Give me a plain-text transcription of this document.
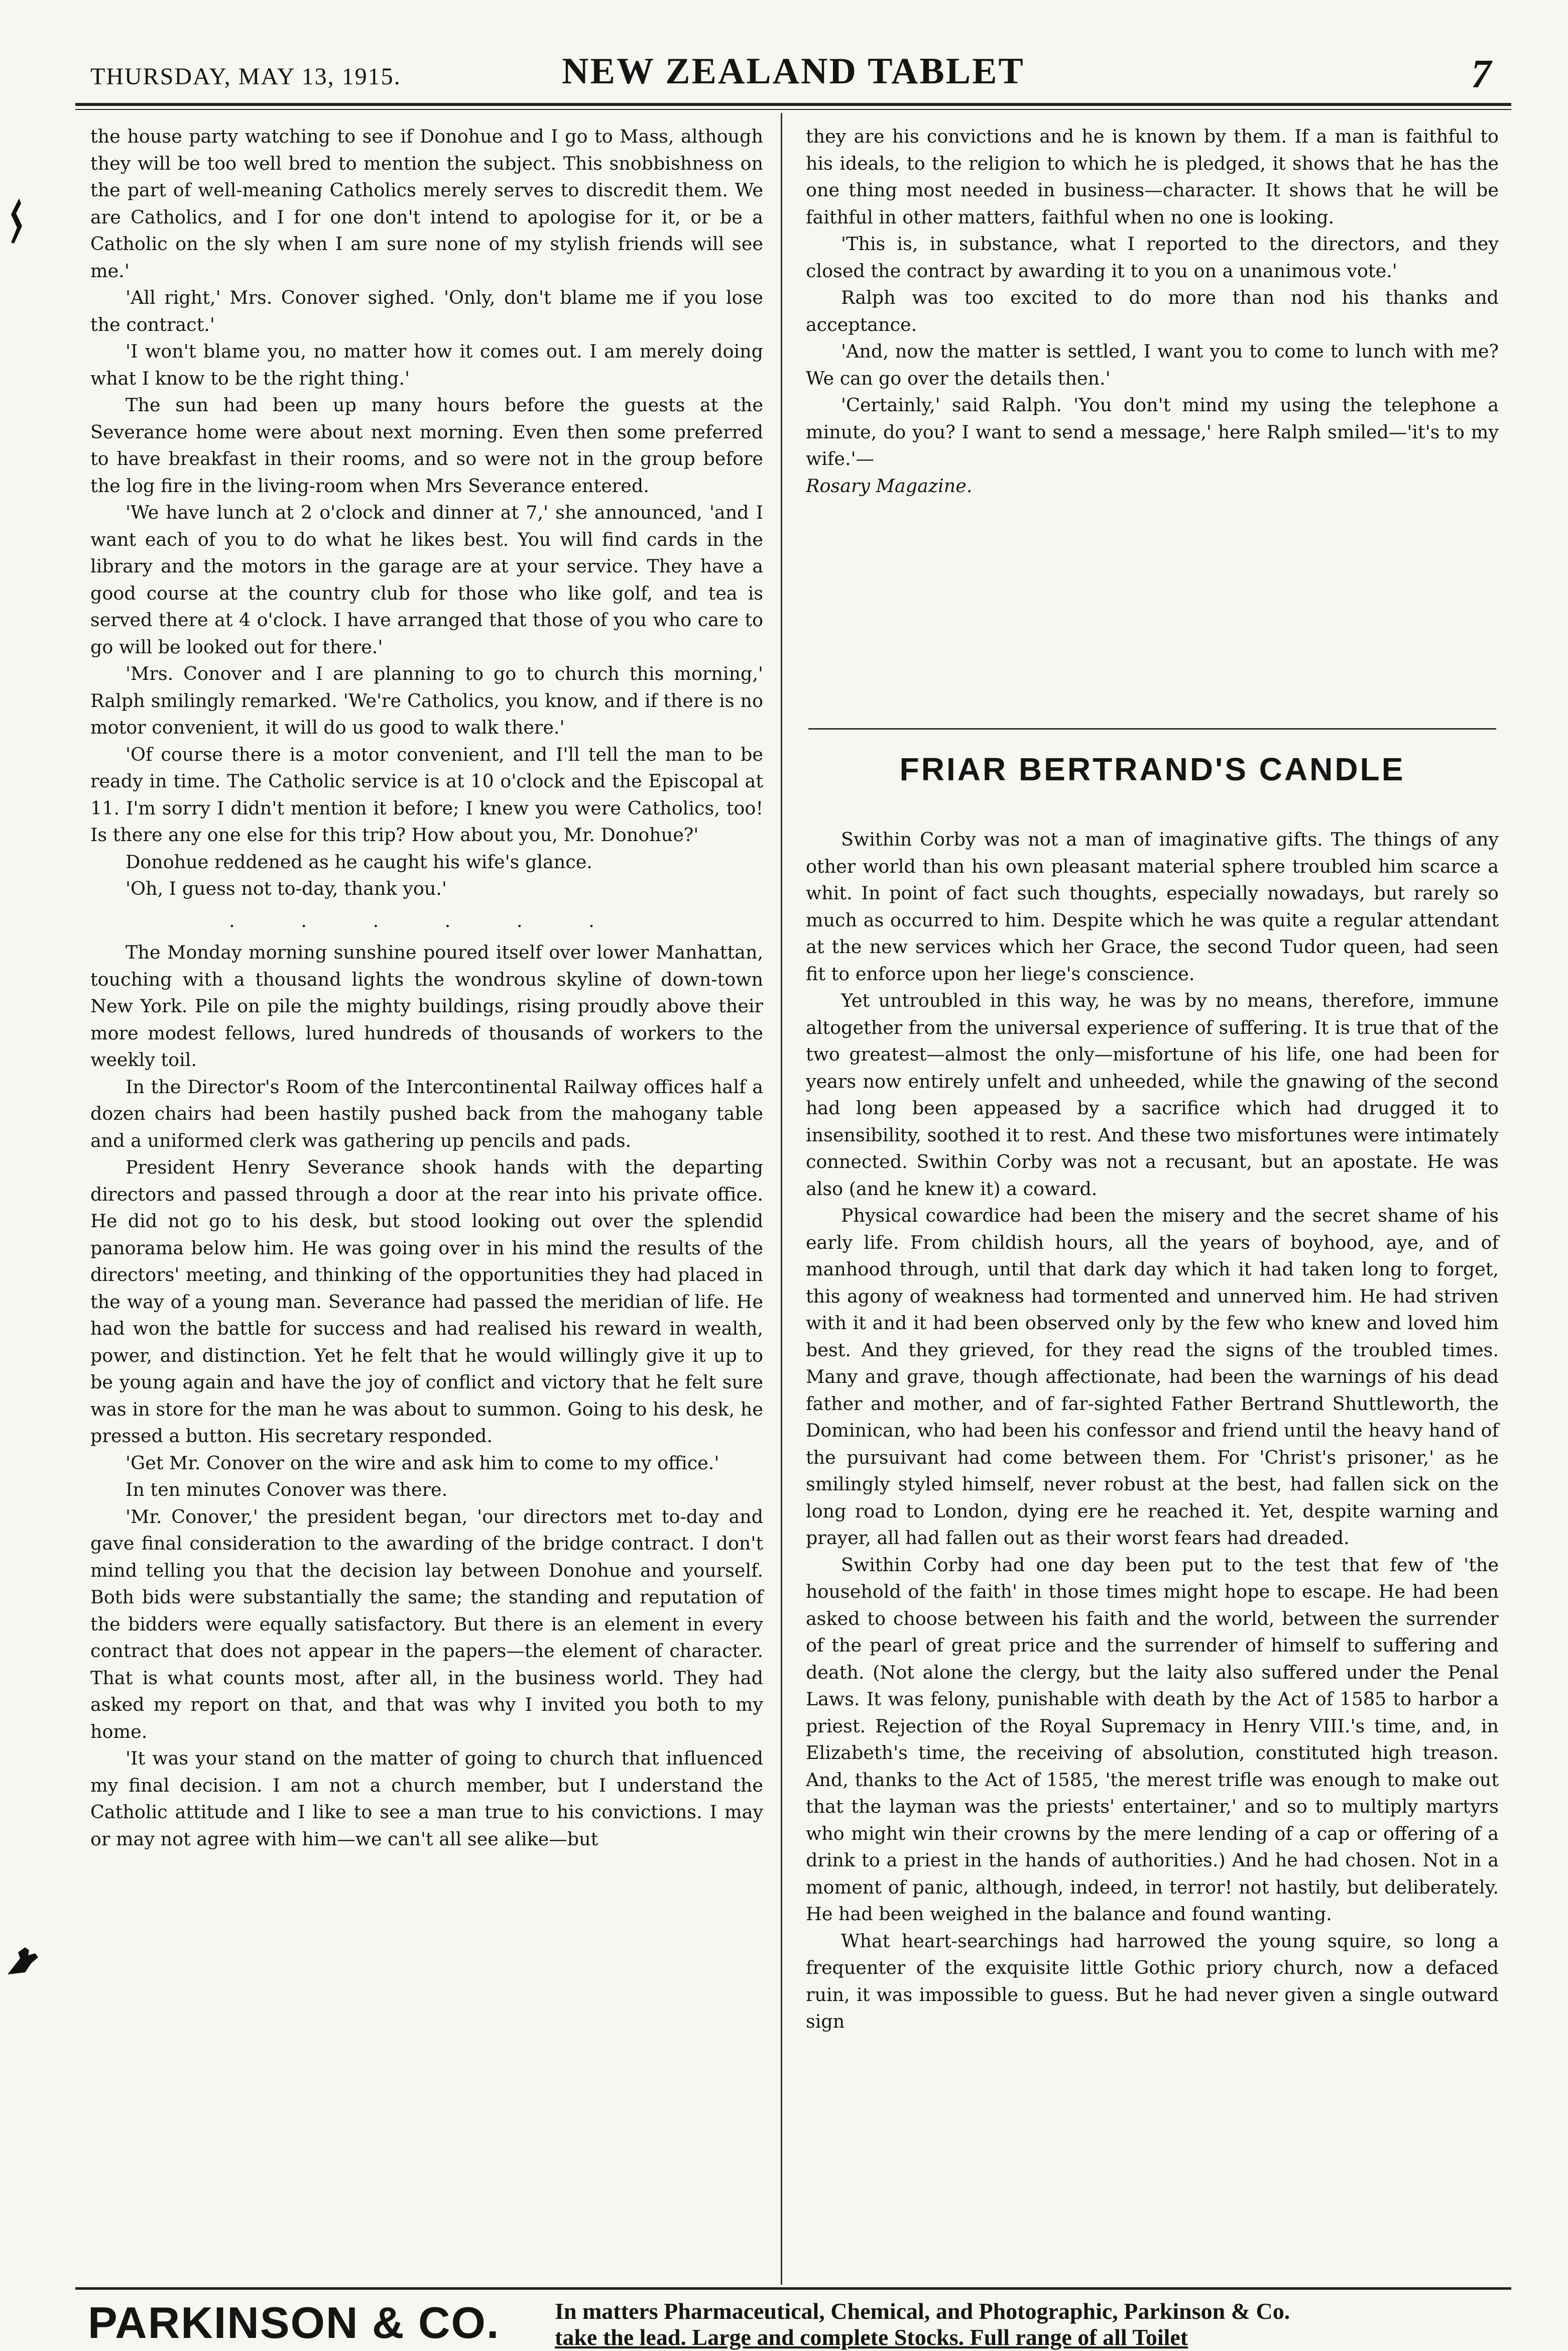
THURSDAY, MAY 13, 1915.	NEW ZEALAND TABLET	7

the house party watching to see if Donohue and I go to Mass, although they will be too well bred to mention the subject. This snobbishness on the part of well-meaning Catholics merely serves to discredit them. We are Catholics, and I for one don't intend to apologise for it, or be a Catholic on the sly when I am sure none of my stylish friends will see me.'

'All right,' Mrs. Conover sighed. 'Only, don't blame me if you lose the contract.'

'I won't blame you, no matter how it comes out. I am merely doing what I know to be the right thing.'

The sun had been up many hours before the guests at the Severance home were about next morning. Even then some preferred to have breakfast in their rooms, and so were not in the group before the log fire in the living-room when Mrs Severance entered.

'We have lunch at 2 o'clock and dinner at 7,' she announced, 'and I want each of you to do what he likes best. You will find cards in the library and the motors in the garage are at your service. They have a good course at the country club for those who like golf, and tea is served there at 4 o'clock. I have arranged that those of you who care to go will be looked out for there.'

'Mrs. Conover and I are planning to go to church this morning,' Ralph smilingly remarked. 'We're Catholics, you know, and if there is no motor convenient, it will do us good to walk there.'

'Of course there is a motor convenient, and I'll tell the man to be ready in time. The Catholic service is at 10 o'clock and the Episcopal at 11. I'm sorry I didn't mention it before; I knew you were Catholics, too! Is there any one else for this trip? How about you, Mr. Donohue?'

Donohue reddened as he caught his wife's glance.

'Oh, I guess not to-day, thank you.'

. . . . . .

The Monday morning sunshine poured itself over lower Manhattan, touching with a thousand lights the wondrous skyline of down-town New York. Pile on pile the mighty buildings, rising proudly above their more modest fellows, lured hundreds of thousands of workers to the weekly toil.

In the Director's Room of the Intercontinental Railway offices half a dozen chairs had been hastily pushed back from the mahogany table and a uniformed clerk was gathering up pencils and pads.

President Henry Severance shook hands with the departing directors and passed through a door at the rear into his private office. He did not go to his desk, but stood looking out over the splendid panorama below him. He was going over in his mind the results of the directors' meeting, and thinking of the opportunities they had placed in the way of a young man. Severance had passed the meridian of life. He had won the battle for success and had realised his reward in wealth, power, and distinction. Yet he felt that he would willingly give it up to be young again and have the joy of conflict and victory that he felt sure was in store for the man he was about to summon. Going to his desk, he pressed a button. His secretary responded.

'Get Mr. Conover on the wire and ask him to come to my office.'

In ten minutes Conover was there.

'Mr. Conover,' the president began, 'our directors met to-day and gave final consideration to the awarding of the bridge contract. I don't mind telling you that the decision lay between Donohue and yourself. Both bids were substantially the same; the standing and reputation of the bidders were equally satisfactory. But there is an element in every contract that does not appear in the papers—the element of character. That is what counts most, after all, in the business world. They had asked my report on that, and that was why I invited you both to my home.

'It was your stand on the matter of going to church that influenced my final decision. I am not a church member, but I understand the Catholic attitude and I like to see a man true to his convictions. I may or may not agree with him—we can't all see alike—but

they are his convictions and he is known by them. If a man is faithful to his ideals, to the religion to which he is pledged, it shows that he has the one thing most needed in business—character. It shows that he will be faithful in other matters, faithful when no one is looking.

'This is, in substance, what I reported to the directors, and they closed the contract by awarding it to you on a unanimous vote.'

Ralph was too excited to do more than nod his thanks and acceptance.

'And, now the matter is settled, I want you to come to lunch with me? We can go over the details then.'

'Certainly,' said Ralph. 'You don't mind my using the telephone a minute, do you? I want to send a message,' here Ralph smiled—'it's to my wife.'—

Rosary Magazine.

FRIAR BERTRAND'S CANDLE

Swithin Corby was not a man of imaginative gifts. The things of any other world than his own pleasant material sphere troubled him scarce a whit. In point of fact such thoughts, especially nowadays, but rarely so much as occurred to him. Despite which he was quite a regular attendant at the new services which her Grace, the second Tudor queen, had seen fit to enforce upon her liege's conscience.

Yet untroubled in this way, he was by no means, therefore, immune altogether from the universal experience of suffering. It is true that of the two greatest—almost the only—misfortune of his life, one had been for years now entirely unfelt and unheeded, while the gnawing of the second had long been appeased by a sacrifice which had drugged it to insensibility, soothed it to rest. And these two misfortunes were intimately connected. Swithin Corby was not a recusant, but an apostate. He was also (and he knew it) a coward.

Physical cowardice had been the misery and the secret shame of his early life. From childish hours, all the years of boyhood, aye, and of manhood through, until that dark day which it had taken long to forget, this agony of weakness had tormented and unnerved him. He had striven with it and it had been observed only by the few who knew and loved him best. And they grieved, for they read the signs of the troubled times. Many and grave, though affectionate, had been the warnings of his dead father and mother, and of far-sighted Father Bertrand Shuttleworth, the Dominican, who had been his confessor and friend until the heavy hand of the pursuivant had come between them. For 'Christ's prisoner,' as he smilingly styled himself, never robust at the best, had fallen sick on the long road to London, dying ere he reached it. Yet, despite warning and prayer, all had fallen out as their worst fears had dreaded.

Swithin Corby had one day been put to the test that few of 'the household of the faith' in those times might hope to escape. He had been asked to choose between his faith and the world, between the surrender of the pearl of great price and the surrender of himself to suffering and death. (Not alone the clergy, but the laity also suffered under the Penal Laws. It was felony, punishable with death by the Act of 1585 to harbor a priest. Rejection of the Royal Supremacy in Henry VIII.'s time, and, in Elizabeth's time, the receiving of absolution, constituted high treason. And, thanks to the Act of 1585, 'the merest trifle was enough to make out that the layman was the priests' entertainer,' and so to multiply martyrs who might win their crowns by the mere lending of a cap or offering of a drink to a priest in the hands of authorities.) And he had chosen. Not in a moment of panic, although, indeed, in terror! not hastily, but deliberately. He had been weighed in the balance and found wanting.

What heart-searchings had harrowed the young squire, so long a frequenter of the exquisite little Gothic priory church, now a defaced ruin, it was impossible to guess. But he had never given a single outward sign

PARKINSON & CO. In matters Pharmaceutical, Chemical, and Photographic, Parkinson & Co.
take the lead. Large and complete Stocks. Full range of all Toilet
